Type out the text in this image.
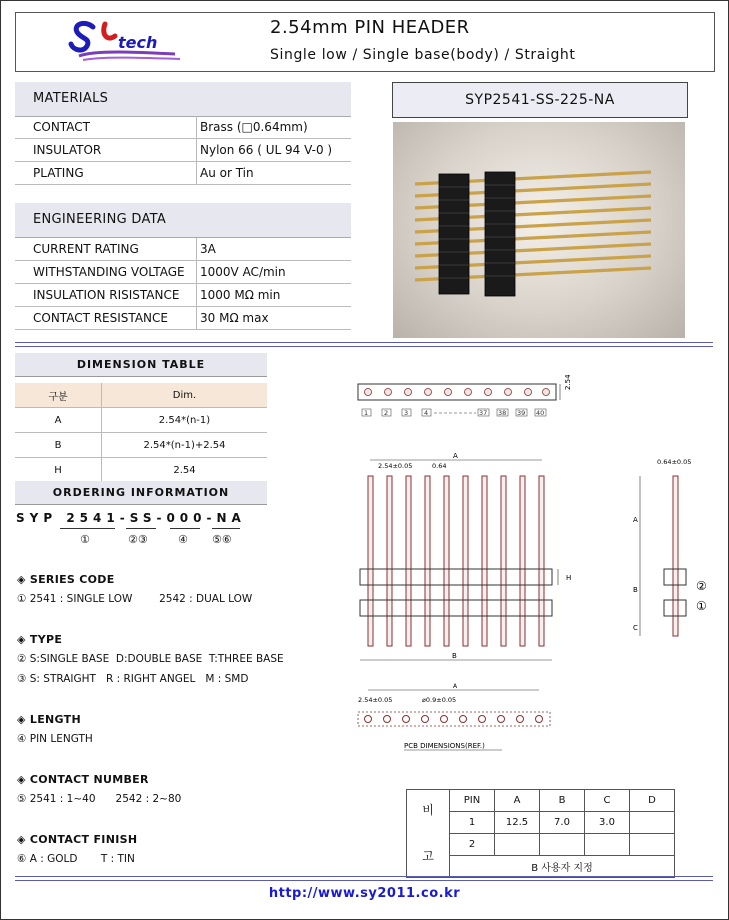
tech
2.54mm PIN HEADER
Single low / Single base(body) / Straight
MATERIALS
CONTACT	Brass (□0.64mm)
INSULATOR	Nylon 66 ( UL 94 V-0 )
PLATING	Au or Tin
ENGINEERING DATA
CURRENT RATING	3A
WITHSTANDING VOLTAGE 1000V AC/min
INSULATION RISISTANCE 1000 MΩ min
CONTACT RESISTANCE	30 MΩ max
SYP2541-SS-225-NA
DIMENSION TABLE
구분	Dim.
A	2.54*(n-1)
B	2.54*(n-1)+2.54
H	2.54
ORDERING INFORMATION
SYP 2541-SS-000-NA
①	②③	④ ⑤⑥
◈ SERIES CODE
① 2541 : SINGLE LOW        2542 : DUAL LOW
◈ TYPE
② S:SINGLE BASE  D:DOUBLE BASE  T:THREE BASE
③ S: STRAIGHT   R : RIGHT ANGEL   M : SMD
◈ LENGTH
④ PIN LENGTH
◈ CONTACT NUMBER
⑤ 2541 : 1~40      2542 : 2~80
◈ CONTACT FINISH
⑥ A : GOLD       T : TIN
2.54
1 2 3 4	37 38 39 40
A
2.54±0.05	0.64
H
B
0.64±0.05
A
B
C
②
①
A
2.54±0.05	⌀0.9±0.05
PCB DIMENSIONS(REF.)
비

고	PIN	A	B	C	D
	1	12.5	7.0	3.0	
	2				
	B 사용자 지정				
http://www.sy2011.co.kr
